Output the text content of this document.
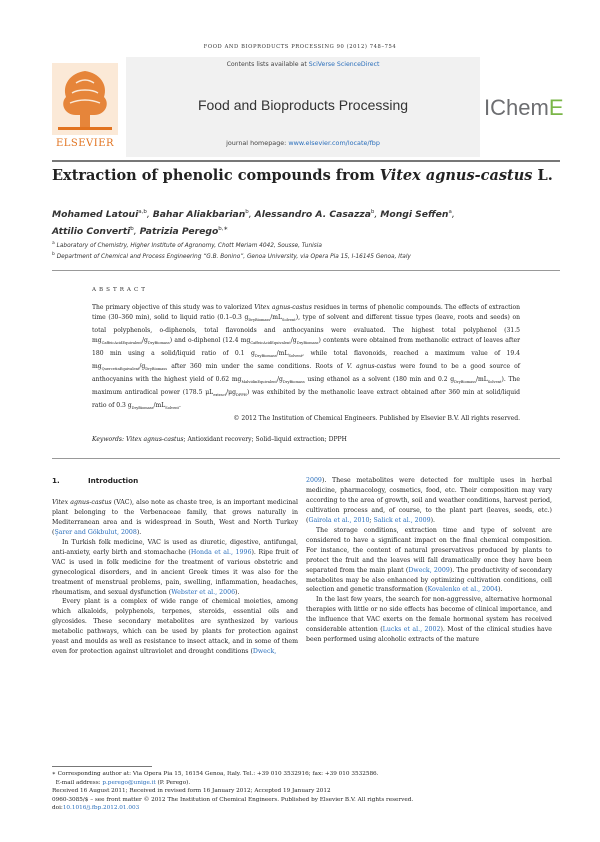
FOOD AND BIOPRODUCTS PROCESSING 90 (2012) 748–754
ELSEVIER
Contents lists available at SciVerse ScienceDirect
Food and Bioproducts Processing
journal homepage: www.elsevier.com/locate/fbp
IChemE
Extraction of phenolic compounds from Vitex agnus-castus L.
Mohamed Latoui$^{a,b}$, Bahar Aliakbarian$^b$, Alessandro A. Casazza$^b$, Mongi Seffen$^a$,
Attilio Converti$^b$, Patrizia Perego$^{b,∗}$
$^a$ Laboratory of Chemistry, Higher Institute of Agronomy, Chott Meriam 4042, Sousse, Tunisia
$^b$ Department of Chemical and Process Engineering “G.B. Bonino”, Genoa University, via Opera Pia 15, I-16145 Genoa, Italy
ABSTRACT
The primary objective of this study was to valorized Vitex agnus-castus residues in terms of phenolic compounds. The effects of extraction time (30–360 min), solid to liquid ratio (0.1–0.3 $g_{DryBiomass}/mL_{Solvent}$), type of solvent and different tissue types (leave, roots and seeds) on total polyphenols, o-diphenols, total flavonoids and anthocyanins were evaluated. The highest total polyphenol (31.5 $mg_{CaffeicAcidEquivalent}/g_{DryBiomass}$) and o-diphenol (12.4 $mg_{CaffeicAcidEquivalent}/g_{DryBiomass}$) contents were obtained from methanolic extract of leaves after 180 min using a solid/liquid ratio of 0.1 $g_{DryBiomass}/mL_{Solvent}$, while total flavonoids, reached a maximum value of 19.4 $mg_{QuercetinEquivalent}/g_{DryBiomass}$ after 360 min under the same conditions. Roots of V. agnus-castus were found to be a good source of anthocyanins with the highest yield of 0.62 $mg_{MalvidinEquivalent}/g_{DryBiomass}$ using ethanol as a solvent (180 min and 0.2 $g_{DryBiomass}/mL_{Solvent}$). The maximum antiradical power (178.5 $\mu L_{extract}/\mu g_{DPPH}$) was exhibited by the methanolic leave extract obtained after 360 min at solid/liquid ratio of 0.3 $g_{DryBiomass}/mL_{Solvent}$.
© 2012 The Institution of Chemical Engineers. Published by Elsevier B.V. All rights reserved.
Keywords: Vitex agnus-castus; Antioxidant recovery; Solid–liquid extraction; DPPH
1.	Introduction

Vitex agnus-castus (VAC), also note as chaste tree, is an important medicinal plant belonging to the Verbenaceae family, that grows naturally in Mediterranean area and is widespread in South, West and North Turkey (Şarer and Gökbulut, 2008).

In Turkish folk medicine, VAC is used as diuretic, digestive, antifungal, anti-anxiety, early birth and stomachache (Honda et al., 1996). Ripe fruit of VAC is used in folk medicine for the treatment of various obstetric and gynecological disorders, and in ancient Greek times it was also for the treatment of menstrual problems, pain, swelling, inflammation, headaches, rheumatism, and sexual dysfunction (Webster et al., 2006).

Every plant is a complex of wide range of chemical moieties, among which alkaloids, polyphenols, terpenes, steroids, essential oils and glycosides. These secondary metabolites are synthesized by various metabolic pathways, which can be used by plants for protection against yeast and moulds as well as resistance to insect attack, and in some of them even for protection against ultraviolet and drought conditions (Dweck,

2009). These metabolites were detected for multiple uses in herbal medicine, pharmacology, cosmetics, food, etc. Their composition may vary according to the area of growth, soil and weather conditions, harvest period, cultivation process and, of course, to the plant part (leaves, seeds, etc.) (Gairola et al., 2010; Salick et al., 2009).

The storage conditions, extraction time and type of solvent are considered to have a significant impact on the final chemical composition. For instance, the content of natural preservatives produced by plants to protect the fruit and the leaves will fall dramatically once they have been separated from the main plant (Dweck, 2009). The productivity of secondary metabolites may be also enhanced by optimizing cultivation conditions, cell selection and genetic transformation (Kovalenko et al., 2004).

In the last few years, the search for non-aggressive, alternative hormonal therapies with little or no side effects has become of clinical importance, and the influence that VAC exerts on the female hormonal system has received considerable attention (Lucks et al., 2002). Most of the clinical studies have been performed using alcoholic extracts of the mature

∗ Corresponding author at: Via Opera Pia 15, 16154 Genoa, Italy. Tel.: +39 010 3532916; fax: +39 010 3532586.
E-mail address: p.perego@unige.it (P. Perego).
Received 16 August 2011; Received in revised form 16 January 2012; Accepted 19 January 2012
0960-3085/$ – see front matter © 2012 The Institution of Chemical Engineers. Published by Elsevier B.V. All rights reserved.
doi:10.1016/j.fbp.2012.01.003
